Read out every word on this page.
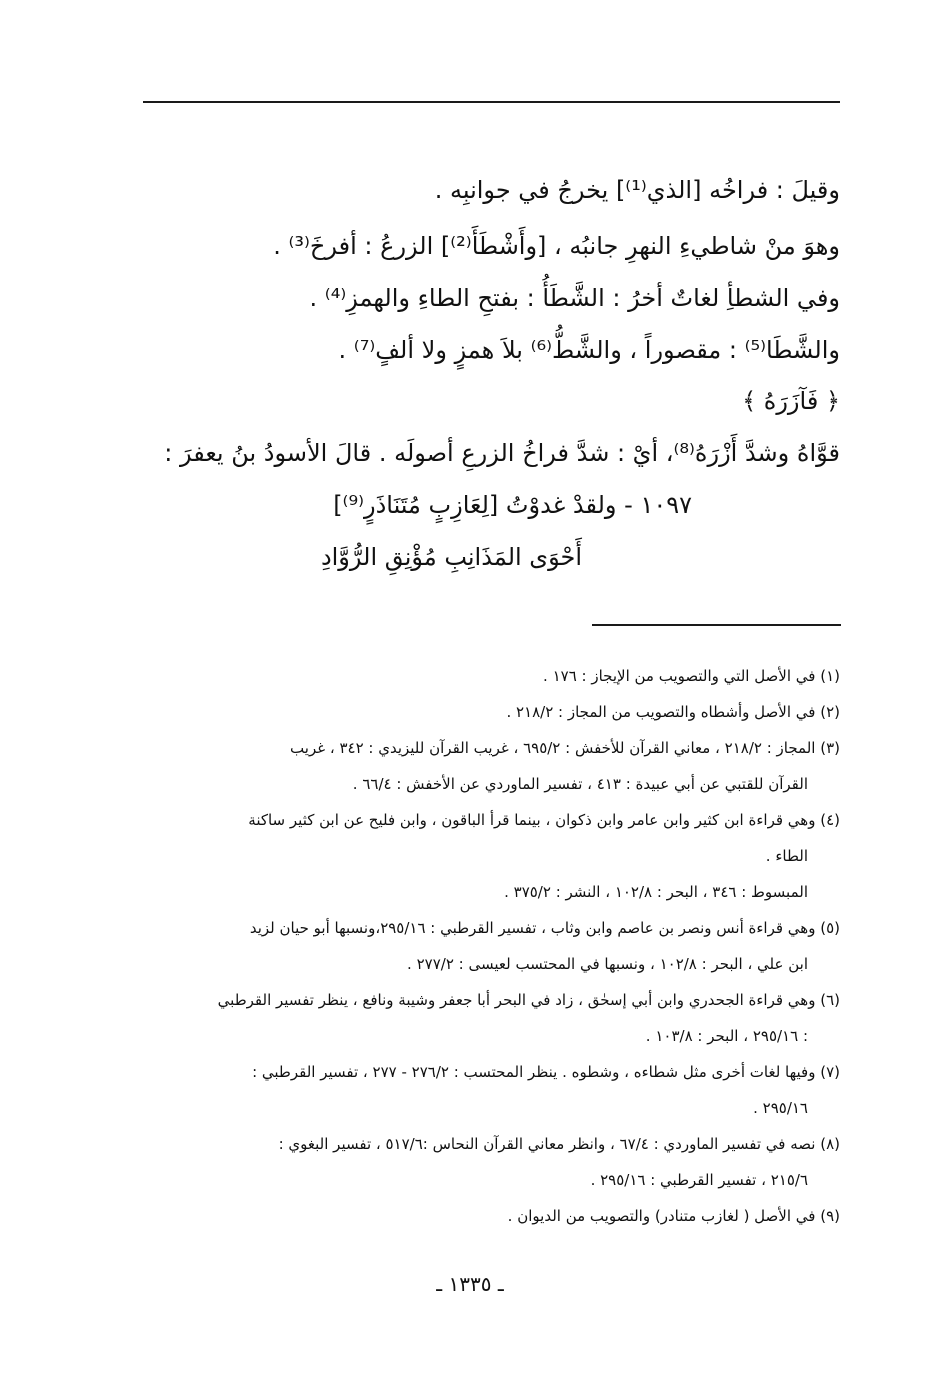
وقيلَ : فراخُه [الذي⁽¹⁾] يخرجُ في جوانبِه .
وهوَ منْ شاطيءِ النهرِ جانبُه ، [وأَشْطَأَ⁽²⁾] الزرعُ : أفرخَ⁽³⁾ .
وفي الشطأِ لغاتٌ أخرُ : الشَّطَأُ : بفتحِ الطاءِ والهمزِ⁽⁴⁾ .
والشَّطَا⁽⁵⁾ : مقصوراً ، والشَّطُّ⁽⁶⁾ بلاَ همزٍ ولا ألفٍ⁽⁷⁾ .
﴿ فَآزَرَهُ ﴾
قوَّاهُ وشدَّ أَزْرَهُ⁽⁸⁾، أيْ : شدَّ فراخُ الزرعِ أصولَه . قالَ الأسودُ بنُ يعفرَ :
١٠٩٧ - ولقدْ غدوْتُ [لِعَازِبٍ مُتَنَاذَرٍ⁽⁹⁾]
أَحْوَى المَذَانِبِ مُؤْنِقِ الرُّوَّادِ
(١) في الأصل التي والتصويب من الإيجاز : ١٧٦ .
(٢) في الأصل وأشطاه والتصويب من المجاز : ٢١٨/٢ .
(٣) المجاز : ٢١٨/٢ ، معاني القرآن للأخفش : ٦٩٥/٢ ، غريب القرآن لليزيدي : ٣٤٢ ، غريب
القرآن للقتبي عن أبي عبيدة : ٤١٣ ، تفسير الماوردي عن الأخفش : ٦٦/٤ .
(٤) وهي قراءة ابن كثير وابن عامر وابن ذكوان ، بينما قرأ الباقون ، وابن فليح عن ابن كثير ساكنة
الطاء .
المبسوط : ٣٤٦ ، البحر : ١٠٢/٨ ، النشر : ٣٧٥/٢ .
(٥) وهي قراءة أنس ونصر بن عاصم وابن وثاب ، تفسير القرطبي : ٢٩٥/١٦،ونسبها أبو حيان لزيد
ابن علي ، البحر : ١٠٢/٨ ، ونسبها في المحتسب لعيسى : ٢٧٧/٢ .
(٦) وهي قراءة الجحدري وابن أبي إسحٰق ، زاد في البحر أبا جعفر وشيبة ونافع ، ينظر تفسير القرطبي
: ٢٩٥/١٦ ، البحر : ١٠٣/٨ .
(٧) وفيها لغات أخرى مثل شطاءه ، وشطوه . ينظر المحتسب : ٢٧٦/٢ - ٢٧٧ ، تفسير القرطبي :
٢٩٥/١٦ .
(٨) نصه في تفسير الماوردي : ٦٧/٤ ، وانظر معاني القرآن النحاس :٥١٧/٦ ، تفسير البغوي :
٢١٥/٦ ، تفسير القرطبي : ٢٩٥/١٦ .
(٩) في الأصل ( لغازب متنادر) والتصويب من الديوان .
ـ ١٣٣٥ ـ
